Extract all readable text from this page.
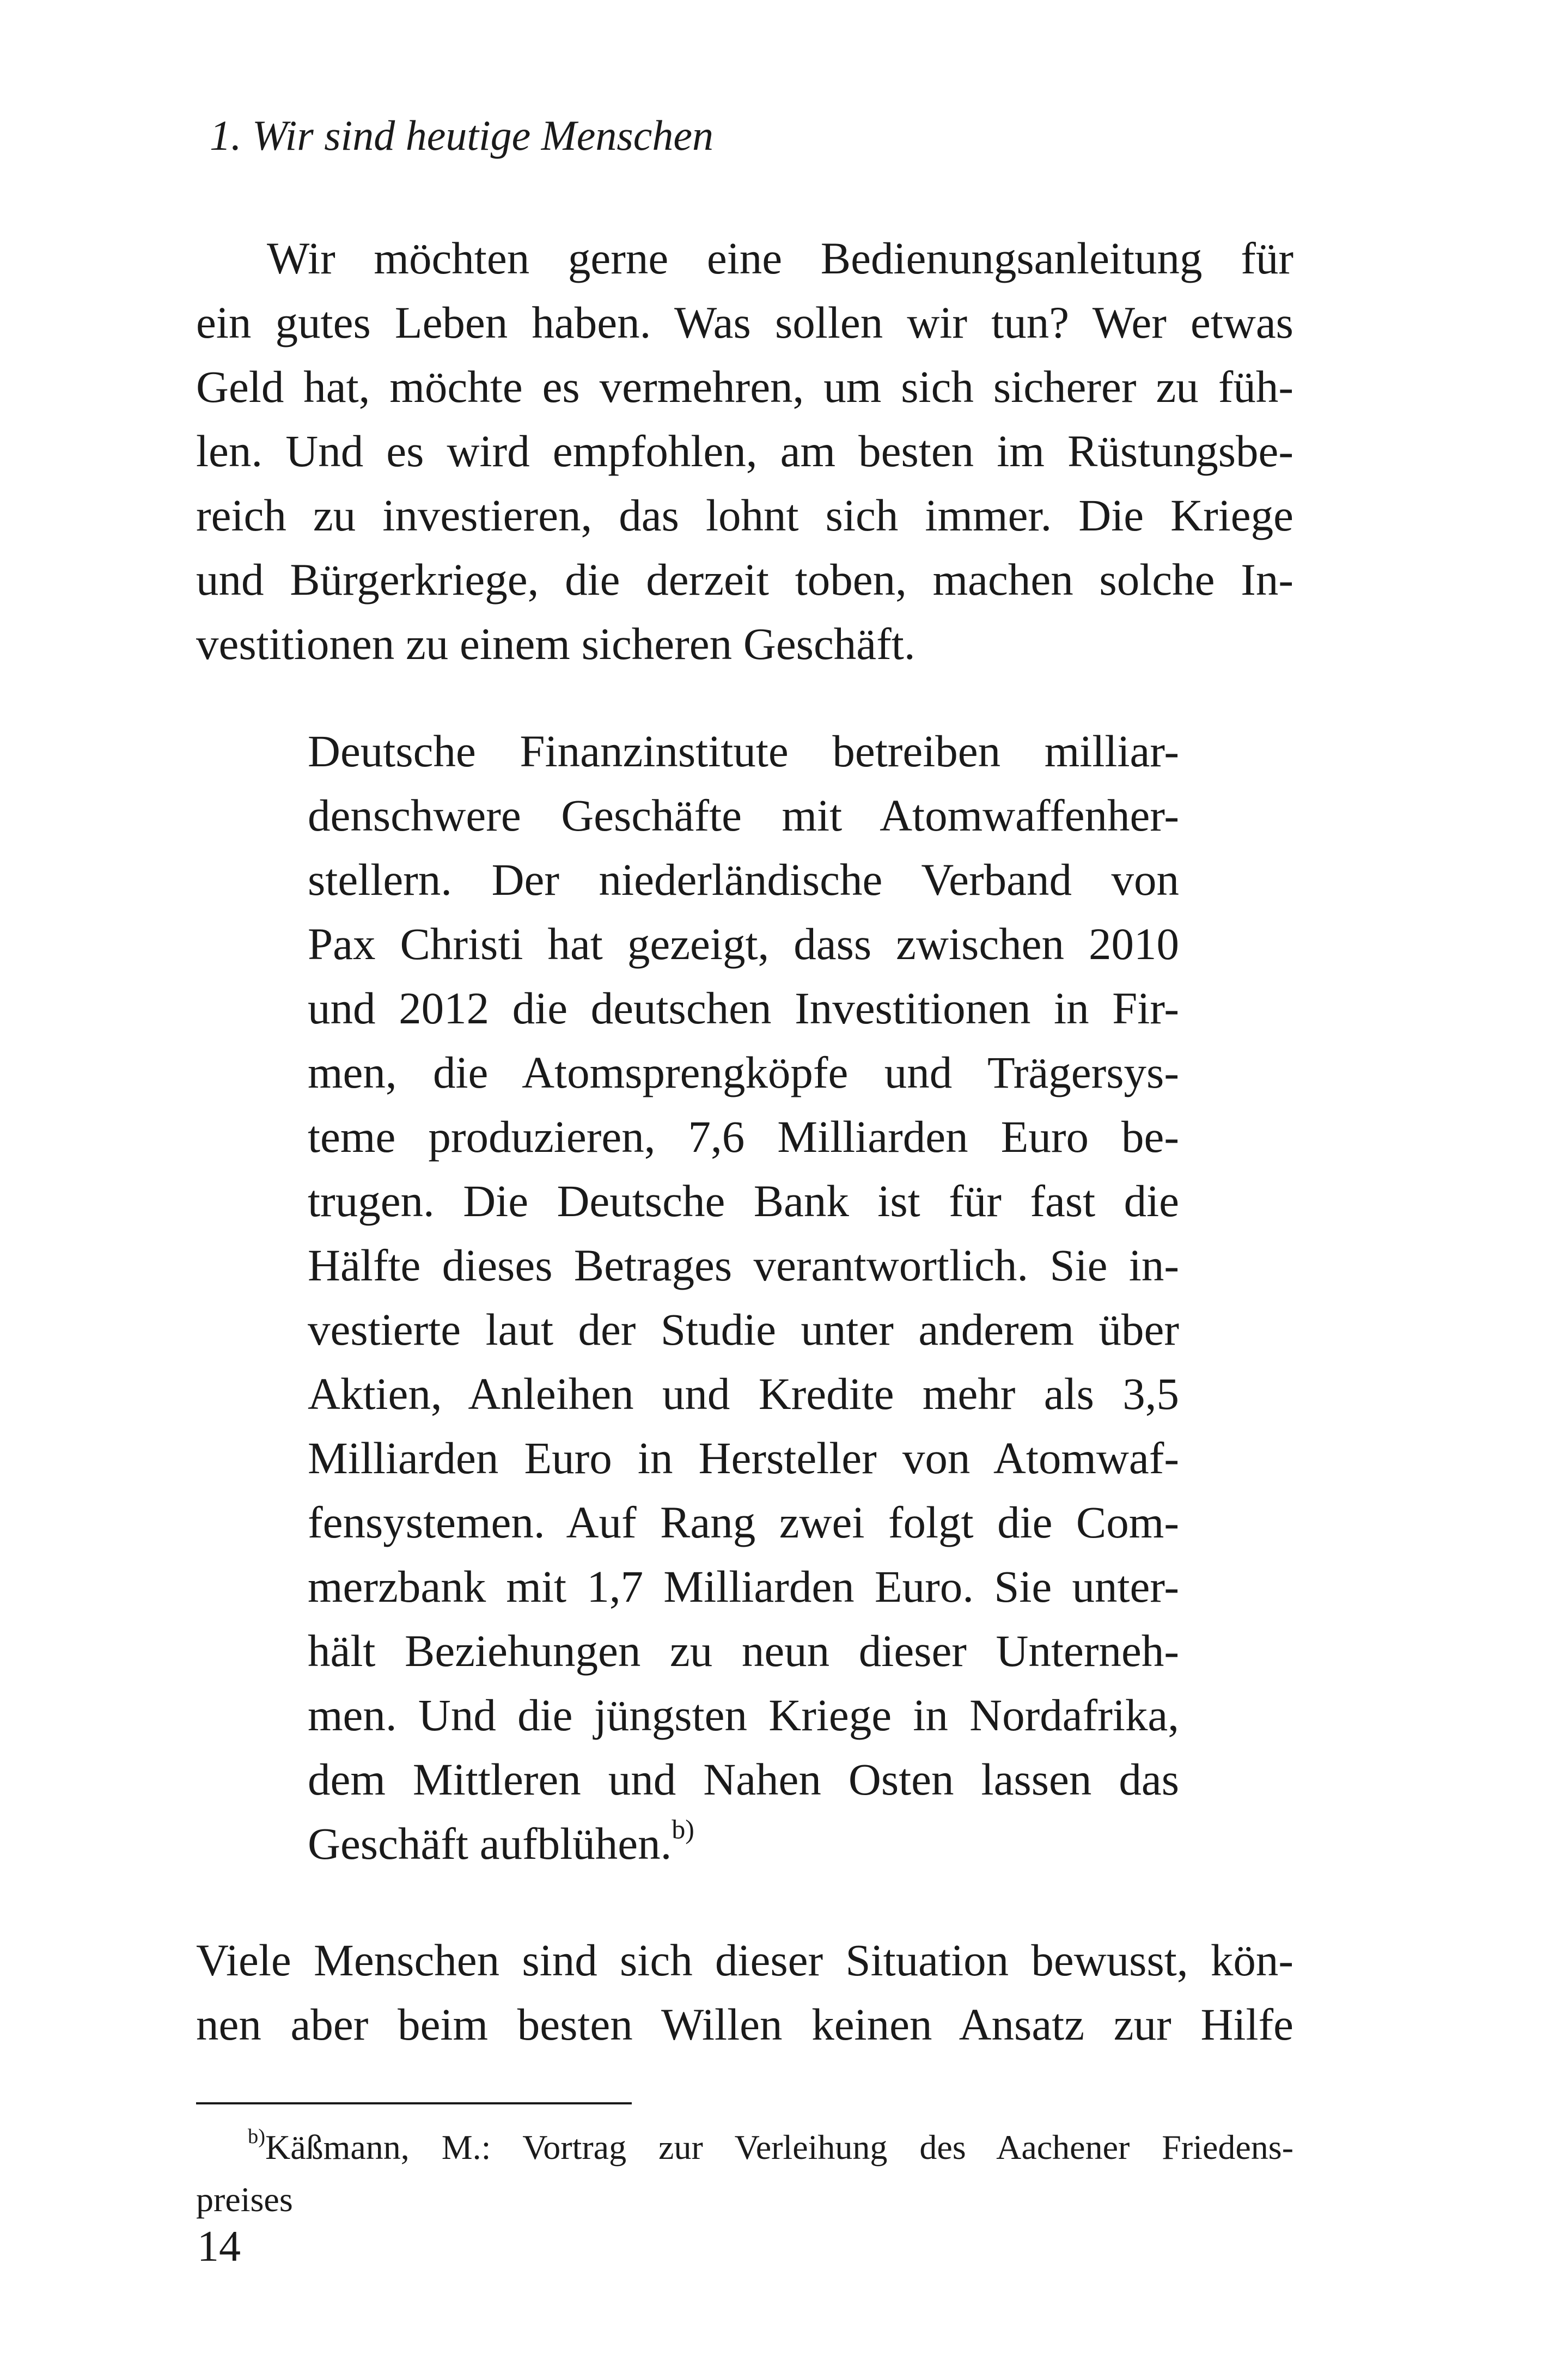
1. Wir sind heutige Menschen
Wir möchten gerne eine Bedienungsanleitung für
ein gutes Leben haben. Was sollen wir tun? Wer etwas
Geld hat, möchte es vermehren, um sich sicherer zu füh-
len. Und es wird empfohlen, am besten im Rüstungsbe-
reich zu investieren, das lohnt sich immer. Die Kriege
und Bürgerkriege, die derzeit toben, machen solche In-
vestitionen zu einem sicheren Geschäft.
Deutsche Finanzinstitute betreiben milliar-
denschwere Geschäfte mit Atomwaffenher-
stellern. Der niederländische Verband von
Pax Christi hat gezeigt, dass zwischen 2010
und 2012 die deutschen Investitionen in Fir-
men, die Atomsprengköpfe und Trägersys-
teme produzieren, 7,6 Milliarden Euro be-
trugen. Die Deutsche Bank ist für fast die
Hälfte dieses Betrages verantwortlich. Sie in-
vestierte laut der Studie unter anderem über
Aktien, Anleihen und Kredite mehr als 3,5
Milliarden Euro in Hersteller von Atomwaf-
fensystemen. Auf Rang zwei folgt die Com-
merzbank mit 1,7 Milliarden Euro. Sie unter-
hält Beziehungen zu neun dieser Unterneh-
men. Und die jüngsten Kriege in Nordafrika,
dem Mittleren und Nahen Osten lassen das
Geschäft aufblühen.$^{b)}$
Viele Menschen sind sich dieser Situation bewusst, kön-
nen aber beim besten Willen keinen Ansatz zur Hilfe
$^{b)}$Käßmann, M.: Vortrag zur Verleihung des Aachener Friedens-
preises
14
